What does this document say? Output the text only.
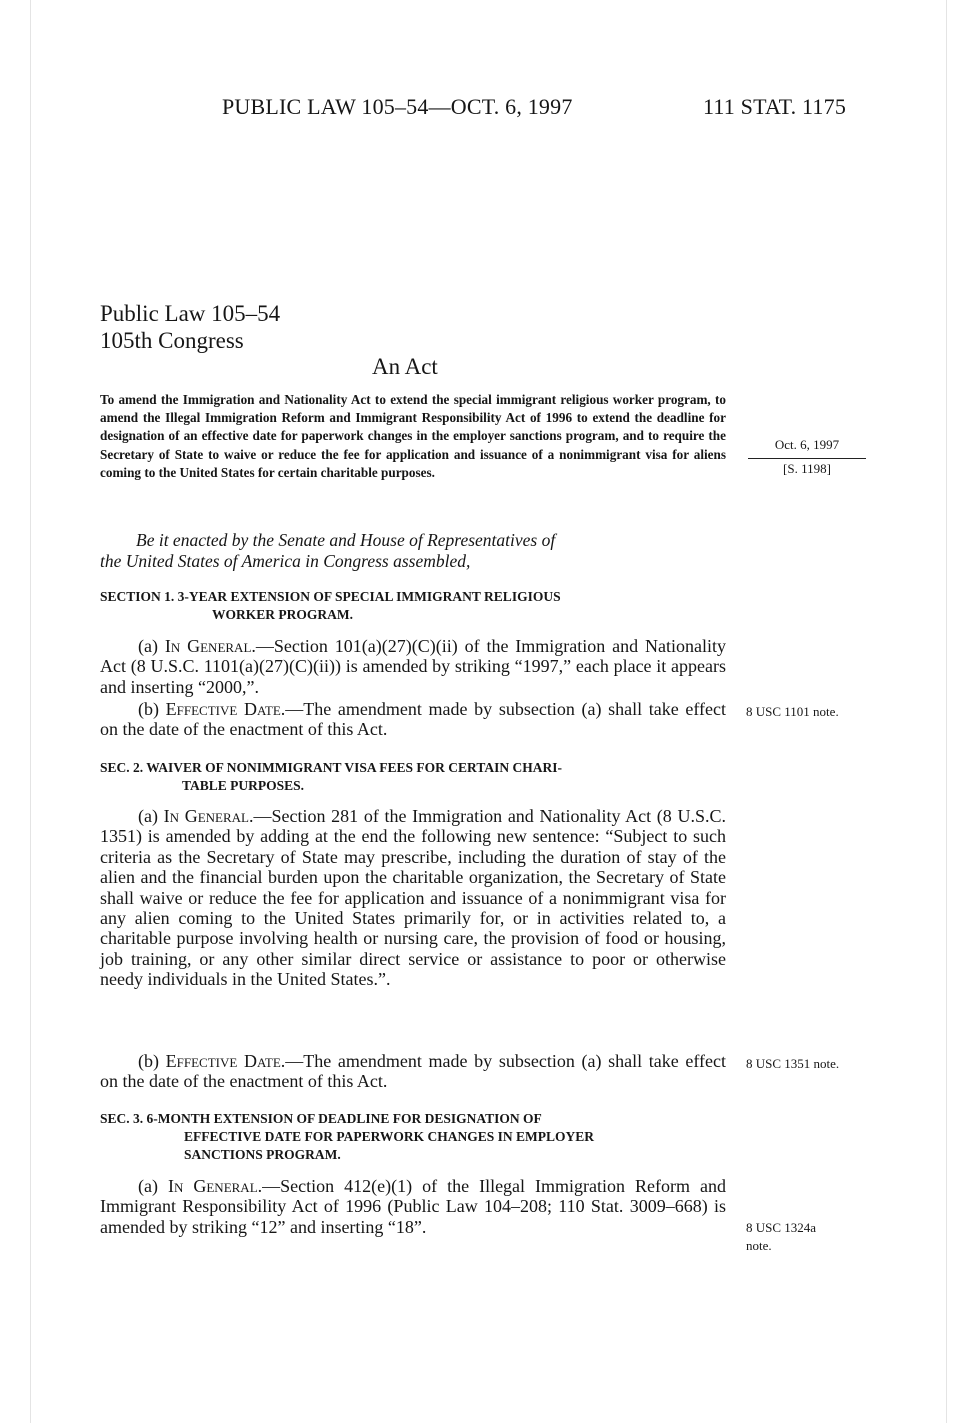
PUBLIC LAW 105–54—OCT. 6, 1997	111 STAT. 1175
Public Law 105–54
105th Congress
An Act
To amend the Immigration and Nationality Act to extend the special immigrant religious worker program, to amend the Illegal Immigration Reform and Immigrant Responsibility Act of 1996 to extend the deadline for designation of an effective date for paperwork changes in the employer sanctions program, and to require the Secretary of State to waive or reduce the fee for application and issuance of a nonimmigrant visa for aliens coming to the United States for certain charitable purposes.
Oct. 6, 1997
[S. 1198]
Be it enacted by the Senate and House of Representatives of
the United States of America in Congress assembled,
SECTION 1. 3-YEAR EXTENSION OF SPECIAL IMMIGRANT RELIGIOUS
WORKER PROGRAM.
(a) In General.—Section 101(a)(27)(C)(ii) of the Immigration and Nationality Act (8 U.S.C. 1101(a)(27)(C)(ii)) is amended by striking “1997,” each place it appears and inserting “2000,”.
(b) Effective Date.—The amendment made by subsection (a) shall take effect on the date of the enactment of this Act.
8 USC 1101 note.
SEC. 2. WAIVER OF NONIMMIGRANT VISA FEES FOR CERTAIN CHARI-
TABLE PURPOSES.
(a) In General.—Section 281 of the Immigration and Nationality Act (8 U.S.C. 1351) is amended by adding at the end the following new sentence: “Subject to such criteria as the Secretary of State may prescribe, including the duration of stay of the alien and the financial burden upon the charitable organization, the Secretary of State shall waive or reduce the fee for application and issuance of a nonimmigrant visa for any alien coming to the United States primarily for, or in activities related to, a charitable purpose involving health or nursing care, the provision of food or housing, job training, or any other similar direct service or assistance to poor or otherwise needy individuals in the United States.”.
(b) Effective Date.—The amendment made by subsection (a) shall take effect on the date of the enactment of this Act.
8 USC 1351 note.
SEC. 3. 6-MONTH EXTENSION OF DEADLINE FOR DESIGNATION OF
EFFECTIVE DATE FOR PAPERWORK CHANGES IN EMPLOYER
SANCTIONS PROGRAM.
(a) In General.—Section 412(e)(1) of the Illegal Immigration Reform and Immigrant Responsibility Act of 1996 (Public Law 104–208; 110 Stat. 3009–668) is amended by striking “12” and inserting “18”.	8 USC 1324a
note.
